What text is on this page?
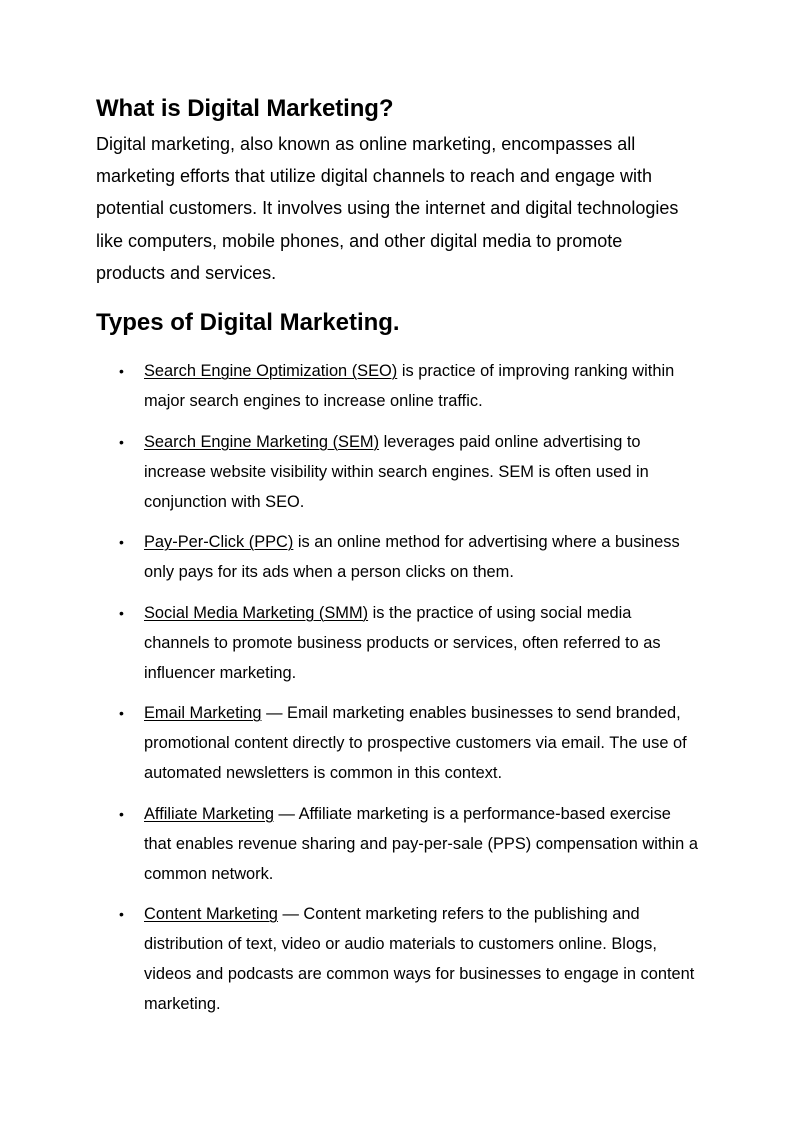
What is Digital Marketing?

Digital marketing, also known as online marketing, encompasses all marketing efforts that utilize digital channels to reach and engage with potential customers. It involves using the internet and digital technologies like computers, mobile phones, and other digital media to promote products and services.

Types of Digital Marketing.
• Search Engine Optimization (SEO) is practice of improving ranking within major search engines to increase online traffic.
• Search Engine Marketing (SEM) leverages paid online advertising to increase website visibility within search engines. SEM is often used in conjunction with SEO.
• Pay-Per-Click (PPC) is an online method for advertising where a business only pays for its ads when a person clicks on them.
• Social Media Marketing (SMM) is the practice of using social media channels to promote business products or services, often referred to as influencer marketing.
• Email Marketing — Email marketing enables businesses to send branded, promotional content directly to prospective customers via email. The use of automated newsletters is common in this context.
• Affiliate Marketing — Affiliate marketing is a performance-based exercise that enables revenue sharing and pay-per-sale (PPS) compensation within a common network.
• Content Marketing — Content marketing refers to the publishing and distribution of text, video or audio materials to customers online. Blogs, videos and podcasts are common ways for businesses to engage in content marketing.
